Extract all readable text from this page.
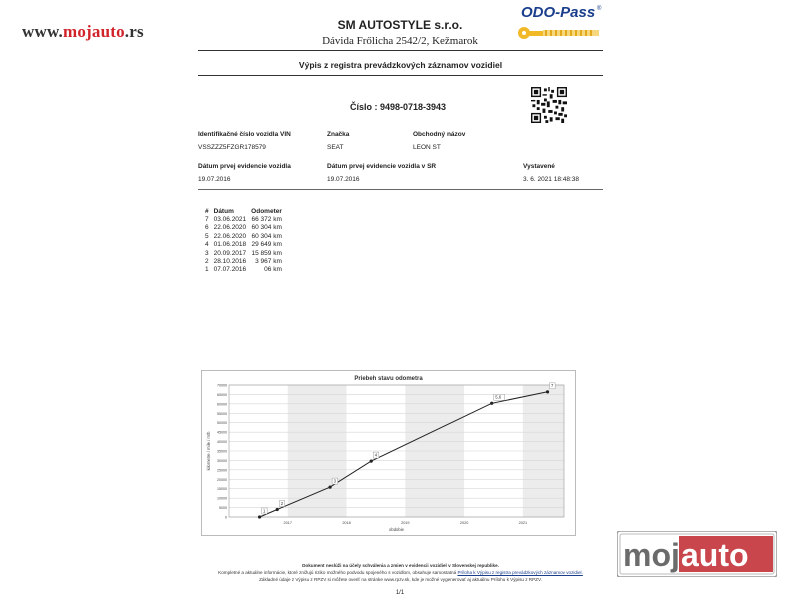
www.mojauto.rs	SM AUTOSTYLE s.r.o.
Dávida Frőlicha 2542/2, Kežmarok
ODO-Pass ®
Výpis z registra prevádzkových záznamov vozidiel
Číslo : 9498-0718-3943
Identifikačné číslo vozidla VIN
VSSZZZ5FZGR178579
Značka
SEAT
Obchodný názov
LEON ST
Dátum prvej evidencie vozidla
19.07.2016
Dátum prvej evidencie vozidla v SR
19.07.2016
Vystavené
3. 6. 2021 18:48:38
#	Dátum	Odometer
7	03.06.2021	66 372 km
6	22.06.2020	60 304 km
5	22.06.2020	60 304 km
4	01.06.2018	29 649 km
3	20.09.2017	15 859 km
2	28.10.2016	3 967 km
1	07.07.2016	06 km
0
5000
10000
15000
20000
25000
30000
35000
40000
45000
50000
55000
60000
65000
70000
2017	2018	2019	2020	2021
Priebeh stavu odometra
obdobie
kilometre / míle / mth
1
2
3
4
5,6
7
Dokument neslúži na účely schválenia a zmien v evidencii vozidiel v Slovenskej republike.
Kompletné a aktuálne informácie, ktoré znižujú riziko možného podvodu spojeného s vozidlom, obsahuje samostatná Príloha k Výpisu z registra prevádzkových záznamov vozidiel.
Základné údaje z Výpisu z RPZV si môžete overiť na stránke www.rpzv.sk, kde je možné vygenerovať aj aktuálnu Prílohu k Výpisu z RPZV.
1/1
moj auto
